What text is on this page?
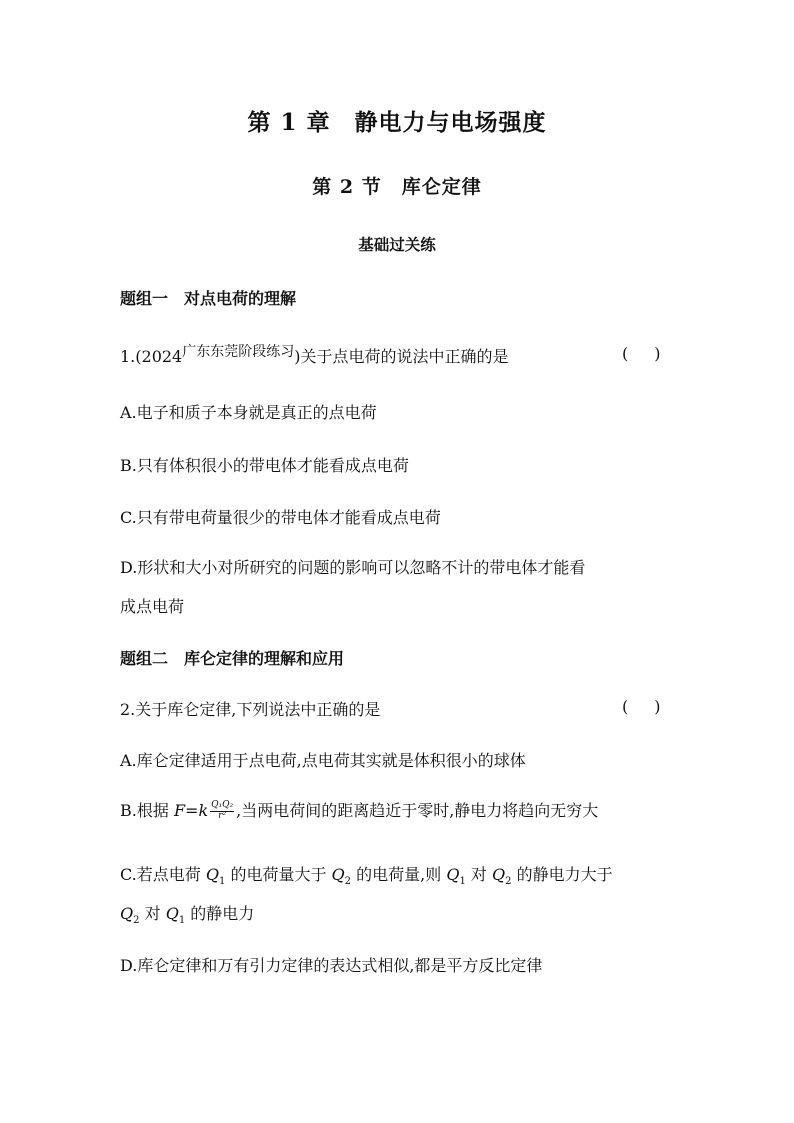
第 1 章　静电力与电场强度
第 2 节　库仑定律
基础过关练
题组一　对点电荷的理解
1.(2024广东东莞阶段练习)关于点电荷的说法中正确的是	( )
A.电子和质子本身就是真正的点电荷
B.只有体积很小的带电体才能看成点电荷
C.只有带电荷量很少的带电体才能看成点电荷
D.形状和大小对所研究的问题的影响可以忽略不计的带电体才能看
成点电荷
题组二　库仑定律的理解和应用
2.关于库仑定律,下列说法中正确的是	( )
A.库仑定律适用于点电荷,点电荷其实就是体积很小的球体
B.根据 $F=k \frac{\text{Q₁Q₂}}{\text{r²}}$ ,当两电荷间的距离趋近于零时,静电力将趋向无穷大
C.若点电荷 $Q_1$ 的电荷量大于 $Q_2$ 的电荷量,则 $Q_1$ 对 $Q_2$ 的静电力大于
$Q_2$ 对 $Q_1$ 的静电力
D.库仑定律和万有引力定律的表达式相似,都是平方反比定律
